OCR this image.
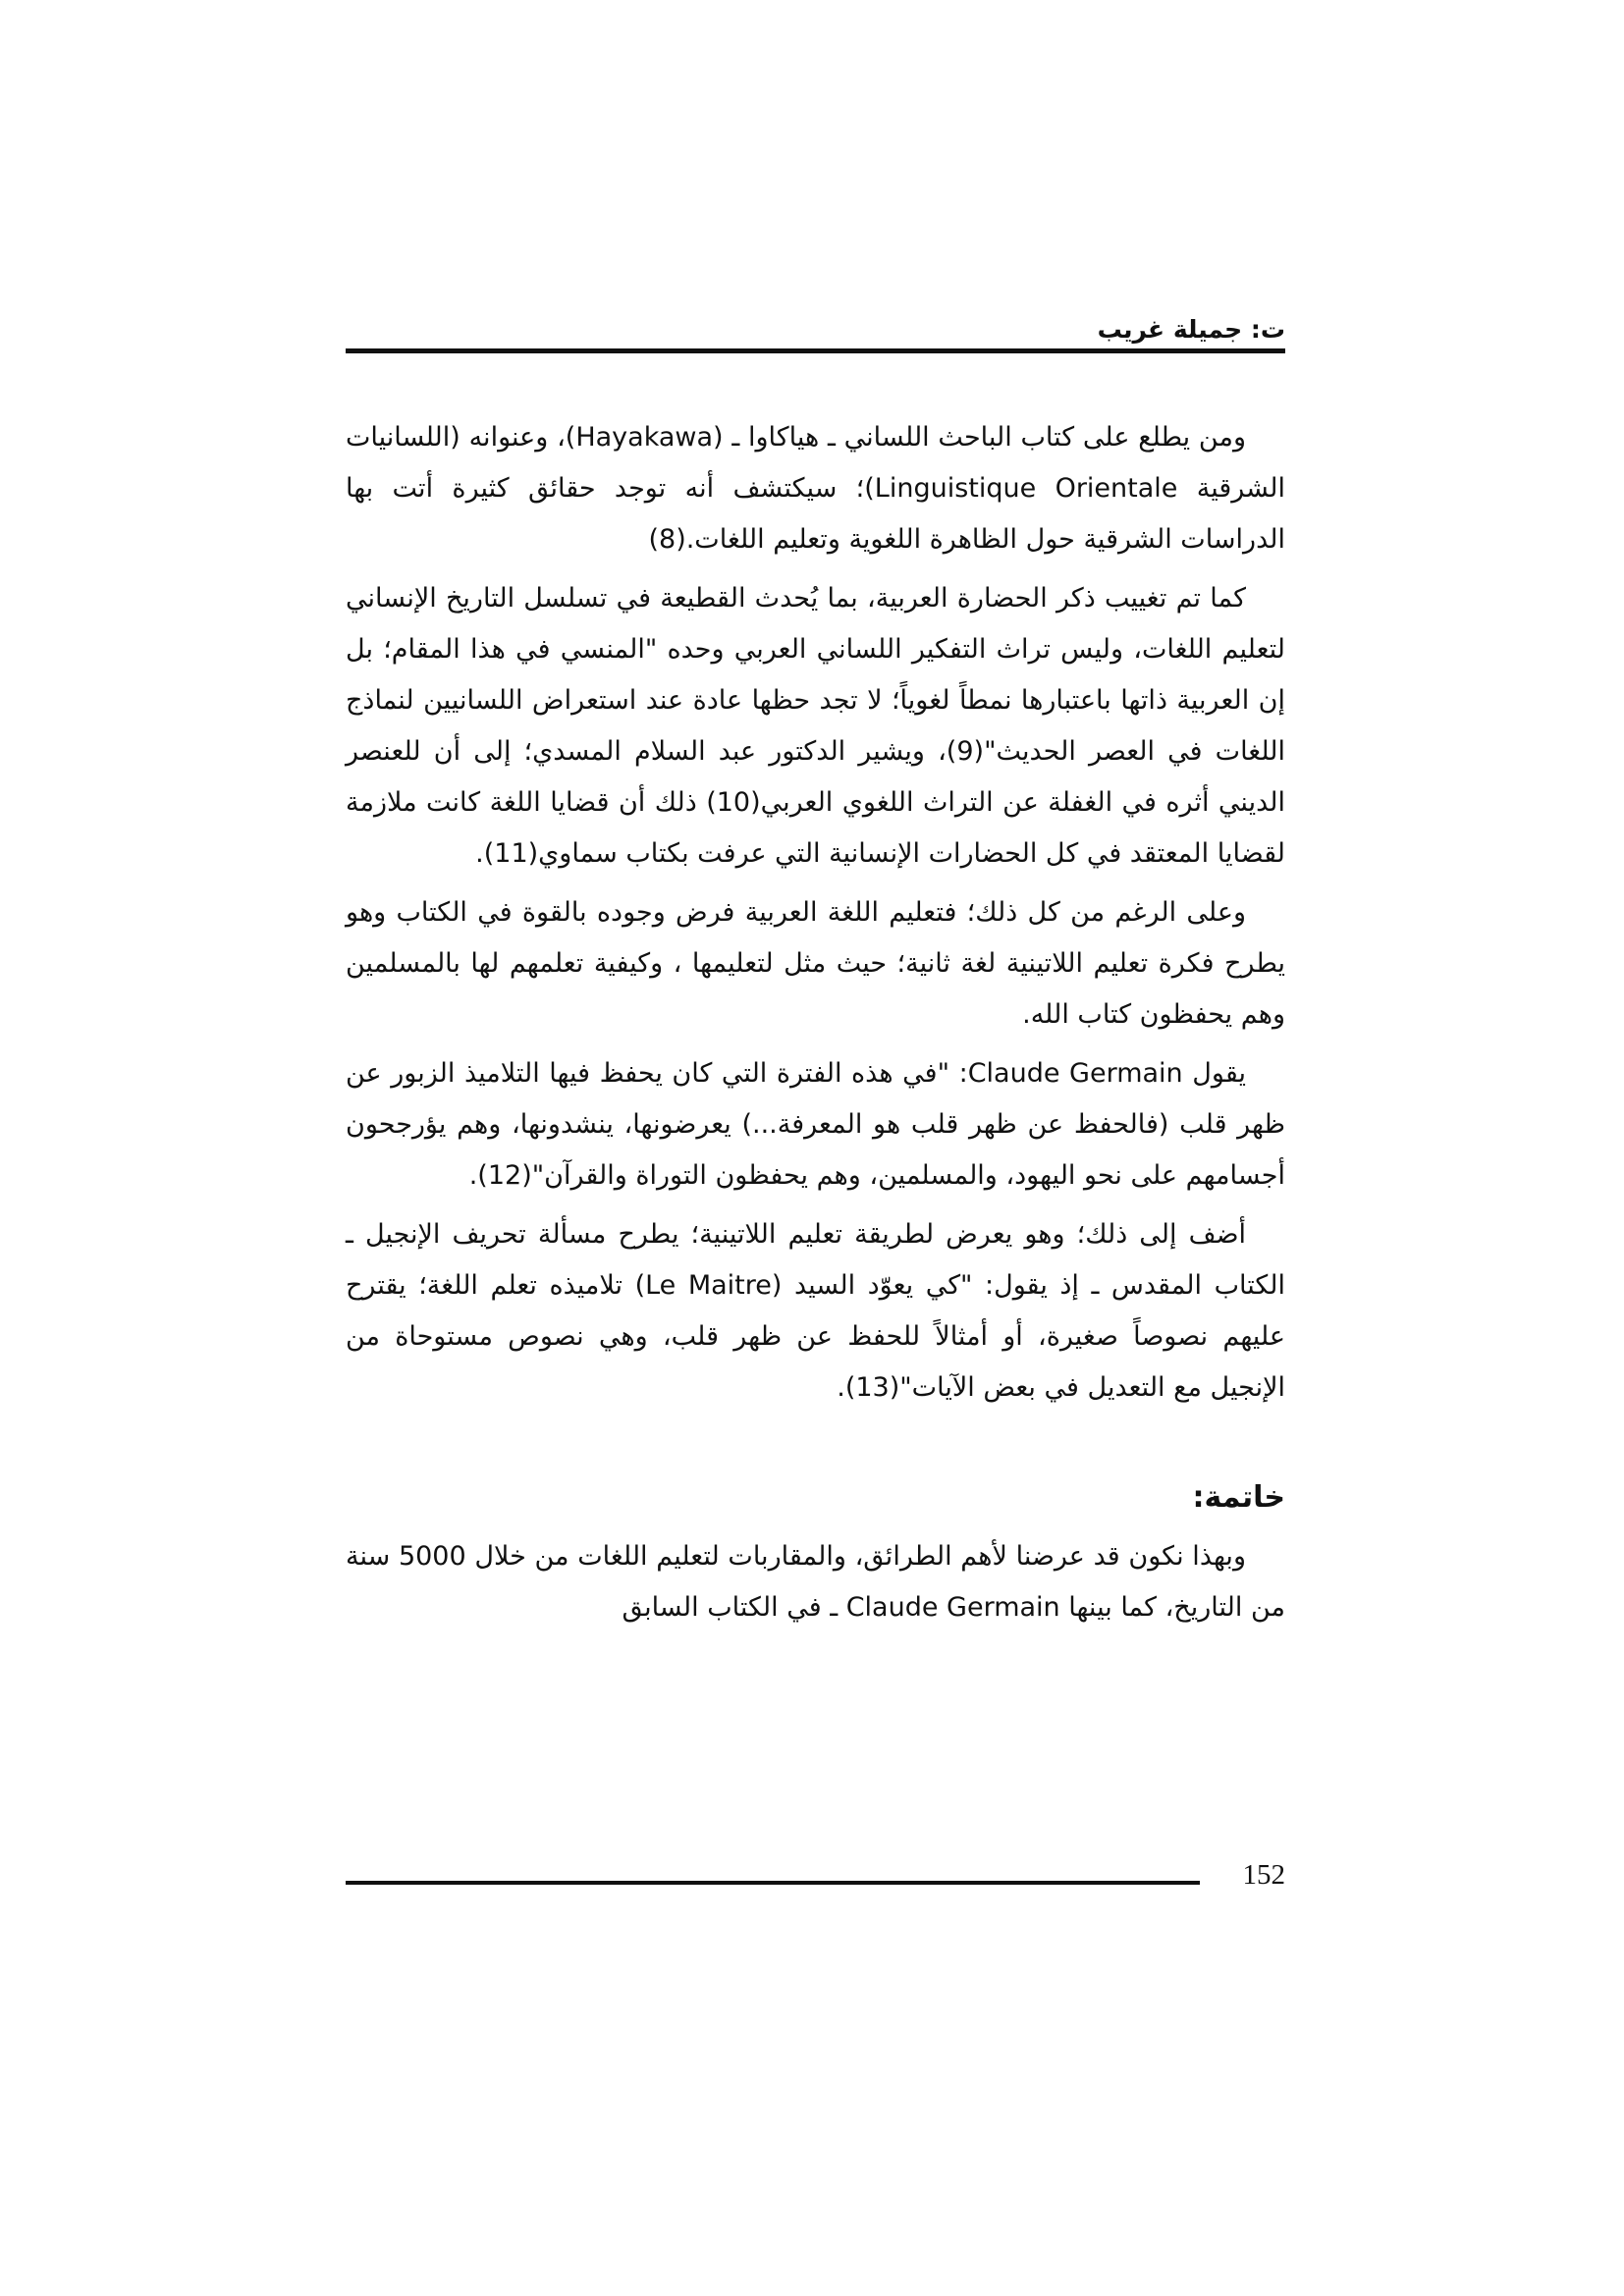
ت: جميلة غريب

ومن يطلع على كتاب الباحث اللساني ـ هياكاوا ـ (Hayakawa)، وعنوانه (اللسانيات الشرقية Linguistique Orientale)؛ سيكتشف أنه توجد حقائق كثيرة أتت بها الدراسات الشرقية حول الظاهرة اللغوية وتعليم اللغات.(8)

كما تم تغييب ذكر الحضارة العربية، بما يُحدث القطيعة في تسلسل التاريخ الإنساني لتعليم اللغات، وليس تراث التفكير اللساني العربي وحده "المنسي في هذا المقام؛ بل إن العربية ذاتها باعتبارها نمطاً لغوياً؛ لا تجد حظها عادة عند استعراض اللسانيين لنماذج اللغات في العصر الحديث"(9)، ويشير الدكتور عبد السلام المسدي؛ إلى أن للعنصر الديني أثره في الغفلة عن التراث اللغوي العربي(10) ذلك أن قضايا اللغة كانت ملازمة لقضايا المعتقد في كل الحضارات الإنسانية التي عرفت بكتاب سماوي(11).

وعلى الرغم من كل ذلك؛ فتعليم اللغة العربية فرض وجوده بالقوة في الكتاب وهو يطرح فكرة تعليم اللاتينية لغة ثانية؛ حيث مثل لتعليمها ، وكيفية تعلمهم لها بالمسلمين وهم يحفظون كتاب الله.

يقول Claude Germain: "في هذه الفترة التي كان يحفظ فيها التلاميذ الزبور عن ظهر قلب (فالحفظ عن ظهر قلب هو المعرفة...) يعرضونها، ينشدونها، وهم يؤرجحون أجسامهم على نحو اليهود، والمسلمين، وهم يحفظون التوراة والقرآن"(12).

أضف إلى ذلك؛ وهو يعرض لطريقة تعليم اللاتينية؛ يطرح مسألة تحريف الإنجيل ـ الكتاب المقدس ـ إذ يقول: "كي يعوّد السيد (Le Maitre) تلاميذه تعلم اللغة؛ يقترح عليهم نصوصاً صغيرة، أو أمثالاً للحفظ عن ظهر قلب، وهي نصوص مستوحاة من الإنجيل مع التعديل في بعض الآيات"(13).

خاتمة:

وبهذا نكون قد عرضنا لأهم الطرائق، والمقاربات لتعليم اللغات من خلال 5000 سنة من التاريخ، كما بينها Claude Germain ـ في الكتاب السابق

152
